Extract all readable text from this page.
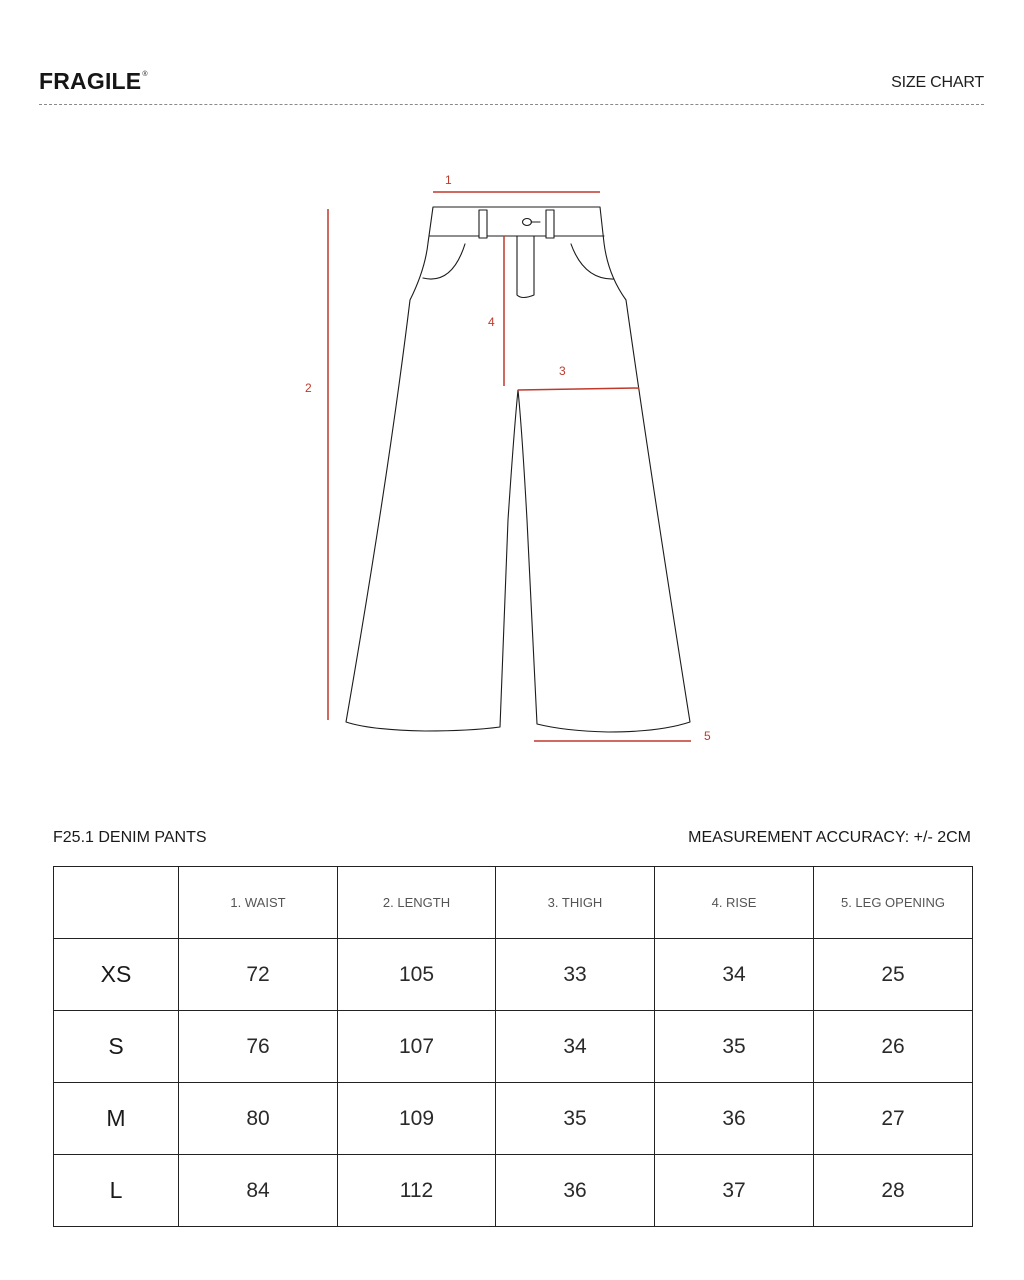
FRAGILE®	SIZE CHART
1
2
3
4
5
F25.1 DENIM PANTS	MEASUREMENT ACCURACY: +/- 2CM
	1. WAIST	2. LENGTH	3. THIGH	4. RISE	5. LEG OPENING
XS	72	105	33	34	25
S	76	107	34	35	26
M	80	109	35	36	27
L	84	112	36	37	28
